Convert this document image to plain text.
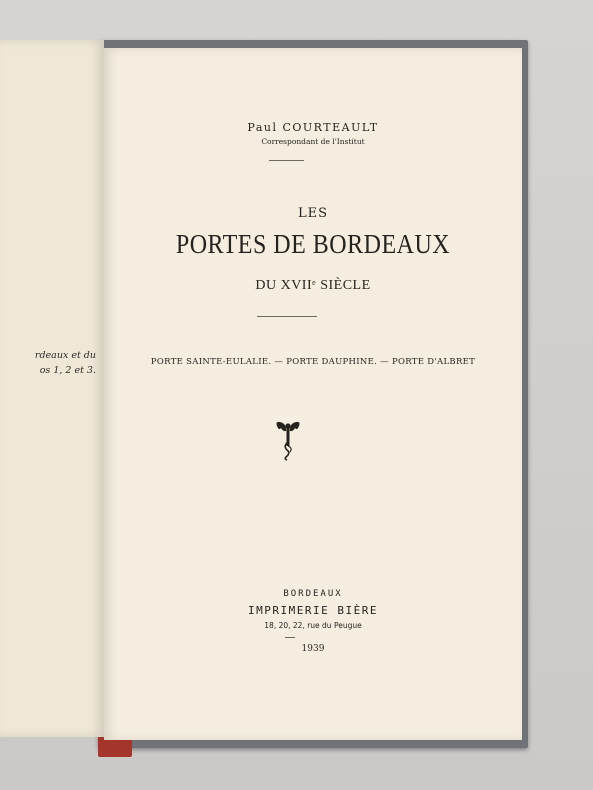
rdeaux et du
os 1, 2 et 3.
Paul COURTEAULT
Correspondant de l'Institut
LES
PORTES DE BORDEAUX
DU XVIIe SIÈCLE
PORTE SAINTE-EULALIE. — PORTE DAUPHINE. — PORTE D'ALBRET
BORDEAUX
IMPRIMERIE BIÈRE
18, 20, 22, rue du Peugue
1939
